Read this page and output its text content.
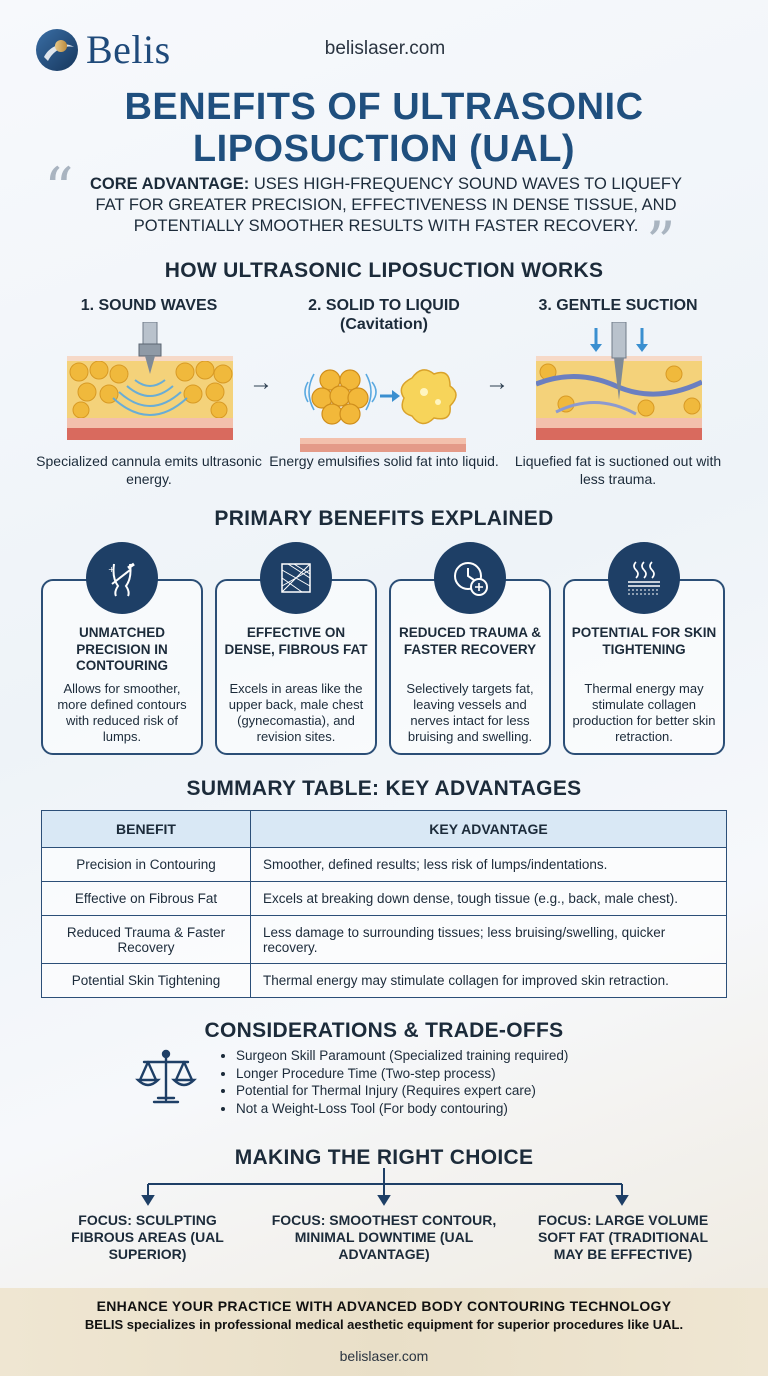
Belis	belislaser.com
BENEFITS OF ULTRASONIC LIPOSUCTION (UAL)
“ CORE ADVANTAGE: USES HIGH-FREQUENCY SOUND WAVES TO LIQUEFY FAT FOR GREATER PRECISION, EFFECTIVENESS IN DENSE TISSUE, AND POTENTIALLY SMOOTHER RESULTS WITH FASTER RECOVERY. ”
HOW ULTRASONIC LIPOSUCTION WORKS
1. SOUND WAVES	2. SOLID TO LIQUID
(Cavitation)
3. GENTLE SUCTION
→	→
Specialized cannula emits ultrasonic energy.
Energy emulsifies solid fat into liquid.	Liquefied fat is suctioned out with less trauma.
PRIMARY BENEFITS EXPLAINED
+
UNMATCHED PRECISION IN CONTOURING
Allows for smoother, more defined contours with reduced risk of lumps.
EFFECTIVE ON DENSE, FIBROUS FAT
Excels in areas like the upper back, male chest (gynecomastia), and revision sites.
REDUCED TRAUMA & FASTER RECOVERY
Selectively targets fat, leaving vessels and nerves intact for less bruising and swelling.
POTENTIAL FOR SKIN TIGHTENING
Thermal energy may stimulate collagen production for better skin retraction.
SUMMARY TABLE: KEY ADVANTAGES
BENEFIT	KEY ADVANTAGE
Precision in Contouring	Smoother, defined results; less risk of lumps/indentations.
Effective on Fibrous Fat	Excels at breaking down dense, tough tissue (e.g., back, male chest).
Reduced Trauma & Faster Recovery	Less damage to surrounding tissues; less bruising/swelling, quicker recovery.
Potential Skin Tightening	Thermal energy may stimulate collagen for improved skin retraction.
CONSIDERATIONS & TRADE-OFFS
• Surgeon Skill Paramount (Specialized training required)
• Longer Procedure Time (Two-step process)
• Potential for Thermal Injury (Requires expert care)
• Not a Weight-Loss Tool (For body contouring)
MAKING THE RIGHT CHOICE
FOCUS: SCULPTING FIBROUS AREAS (UAL SUPERIOR)
FOCUS: SMOOTHEST CONTOUR, MINIMAL DOWNTIME (UAL ADVANTAGE)
FOCUS: LARGE VOLUME SOFT FAT (TRADITIONAL MAY BE EFFECTIVE)
ENHANCE YOUR PRACTICE WITH ADVANCED BODY CONTOURING TECHNOLOGY
BELIS specializes in professional medical aesthetic equipment for superior procedures like UAL.
belislaser.com
